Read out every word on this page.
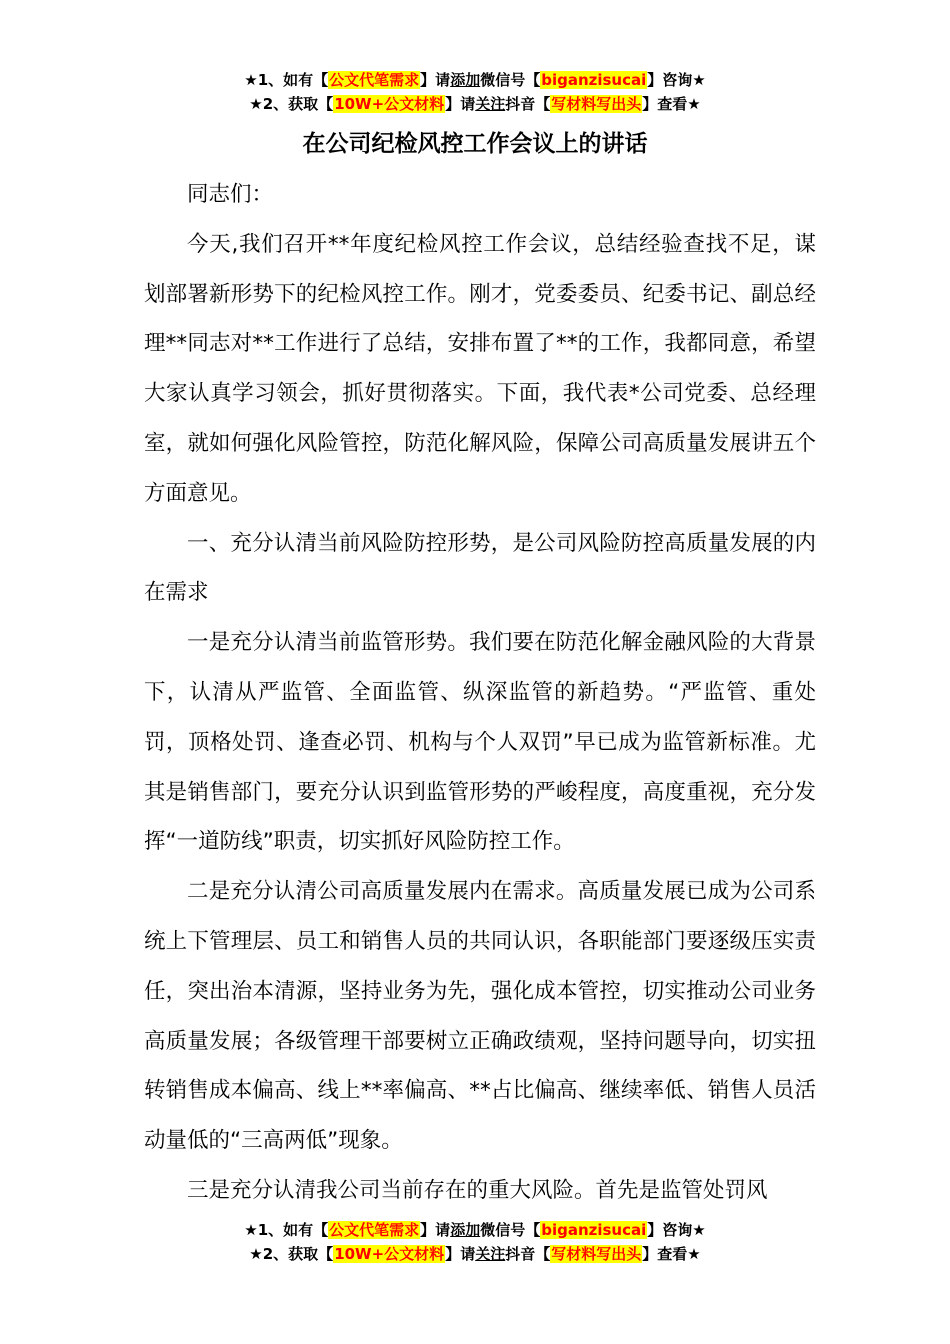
★1、如有【公文代笔需求】请添加微信号【biganzisucai】咨询★
★2、获取【10W+公文材料】请关注抖音【写材料写出头】查看★
在公司纪检风控工作会议上的讲话

同志们：

今天,我们召开**年度纪检风控工作会议，总结经验查找不足，谋划部署新形势下的纪检风控工作。刚才，党委委员、纪委书记、副总经理**同志对**工作进行了总结，安排布置了**的工作，我都同意，希望大家认真学习领会，抓好贯彻落实。下面，我代表*公司党委、总经理室，就如何强化风险管控，防范化解风险，保障公司高质量发展讲五个方面意见。

一、充分认清当前风险防控形势，是公司风险防控高质量发展的内在需求

一是充分认清当前监管形势。我们要在防范化解金融风险的大背景下，认清从严监管、全面监管、纵深监管的新趋势。“严监管、重处罚，顶格处罚、逢查必罚、机构与个人双罚”早已成为监管新标准。尤其是销售部门，要充分认识到监管形势的严峻程度，高度重视，充分发挥“一道防线”职责，切实抓好风险防控工作。

二是充分认清公司高质量发展内在需求。高质量发展已成为公司系统上下管理层、员工和销售人员的共同认识，各职能部门要逐级压实责任，突出治本清源，坚持业务为先，强化成本管控，切实推动公司业务高质量发展；各级管理干部要树立正确政绩观，坚持问题导向，切实扭转销售成本偏高、线上**率偏高、**占比偏高、继续率低、销售人员活动量低的“三高两低”现象。

三是充分认清我公司当前存在的重大风险。首先是监管处罚风

★1、如有【公文代笔需求】请添加微信号【biganzisucai】咨询★
★2、获取【10W+公文材料】请关注抖音【写材料写出头】查看★
